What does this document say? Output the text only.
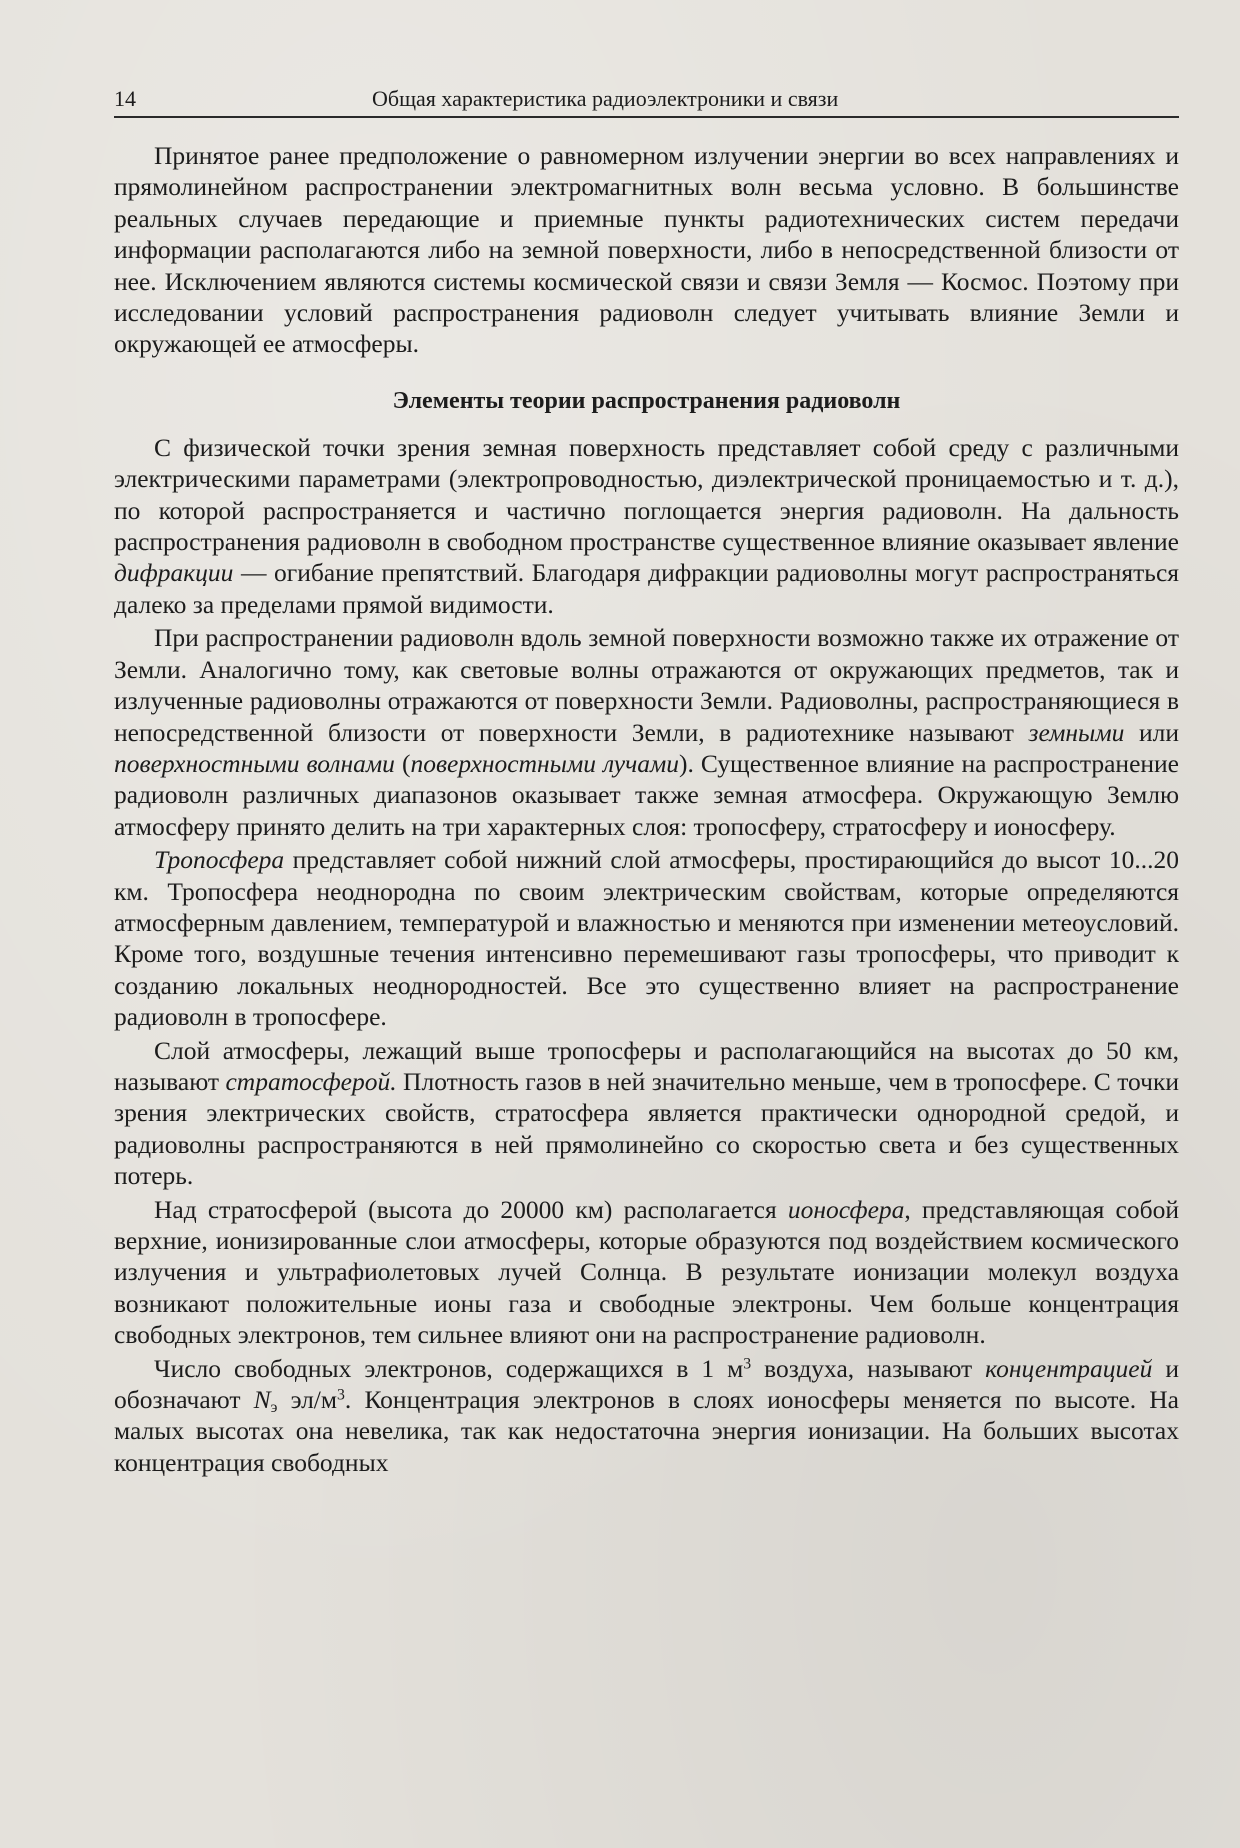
14	Общая характеристика радиоэлектроники и связи

Принятое ранее предположение о равномерном излучении энергии во всех направлениях и прямолинейном распространении электромагнитных волн весьма условно. В большинстве реальных случаев передающие и приемные пункты радиотехнических систем передачи информации располагаются либо на земной поверхности, либо в непосредственной близости от нее. Исключением являются системы космической связи и связи Земля — Космос. Поэтому при исследовании условий распространения радиоволн следует учитывать влияние Земли и окружающей ее атмосферы.

Элементы теории распространения радиоволн

С физической точки зрения земная поверхность представляет собой среду с различными электрическими параметрами (электропроводностью, диэлектрической проницаемостью и т. д.), по которой распространяется и частично поглощается энергия радиоволн. На дальность распространения радиоволн в свободном пространстве существенное влияние оказывает явление дифракции — огибание препятствий. Благодаря дифракции радиоволны могут распространяться далеко за пределами прямой видимости.

При распространении радиоволн вдоль земной поверхности возможно также их отражение от Земли. Аналогично тому, как световые волны отражаются от окружающих предметов, так и излученные радиоволны отражаются от поверхности Земли. Радиоволны, распространяющиеся в непосредственной близости от поверхности Земли, в радиотехнике называют земными или поверхностными волнами (поверхностными лучами). Существенное влияние на распространение радиоволн различных диапазонов оказывает также земная атмосфера. Окружающую Землю атмосферу принято делить на три характерных слоя: тропосферу, стратосферу и ионосферу.

Тропосфера представляет собой нижний слой атмосферы, простирающийся до высот 10...20 км. Тропосфера неоднородна по своим электрическим свойствам, которые определяются атмосферным давлением, температурой и влажностью и меняются при изменении метеоусловий. Кроме того, воздушные течения интенсивно перемешивают газы тропосферы, что приводит к созданию локальных неоднородностей. Все это существенно влияет на распространение радиоволн в тропосфере.

Слой атмосферы, лежащий выше тропосферы и располагающийся на высотах до 50 км, называют стратосферой. Плотность газов в ней значительно меньше, чем в тропосфере. С точки зрения электрических свойств, стратосфера является практически однородной средой, и радиоволны распространяются в ней прямолинейно со скоростью света и без существенных потерь.

Над стратосферой (высота до 20000 км) располагается ионосфера, представляющая собой верхние, ионизированные слои атмосферы, которые образуются под воздействием космического излучения и ультрафиолетовых лучей Солнца. В результате ионизации молекул воздуха возникают положительные ионы газа и свободные электроны. Чем больше концентрация свободных электронов, тем сильнее влияют они на распространение радиоволн.

Число свободных электронов, содержащихся в 1 $м^3$ воздуха, называют концентрацией и обозначают $N_э$ $эл/м^3$. Концентрация электронов в слоях ионосферы меняется по высоте. На малых высотах она невелика, так как недостаточна энергия ионизации. На больших высотах концентрация свободных
